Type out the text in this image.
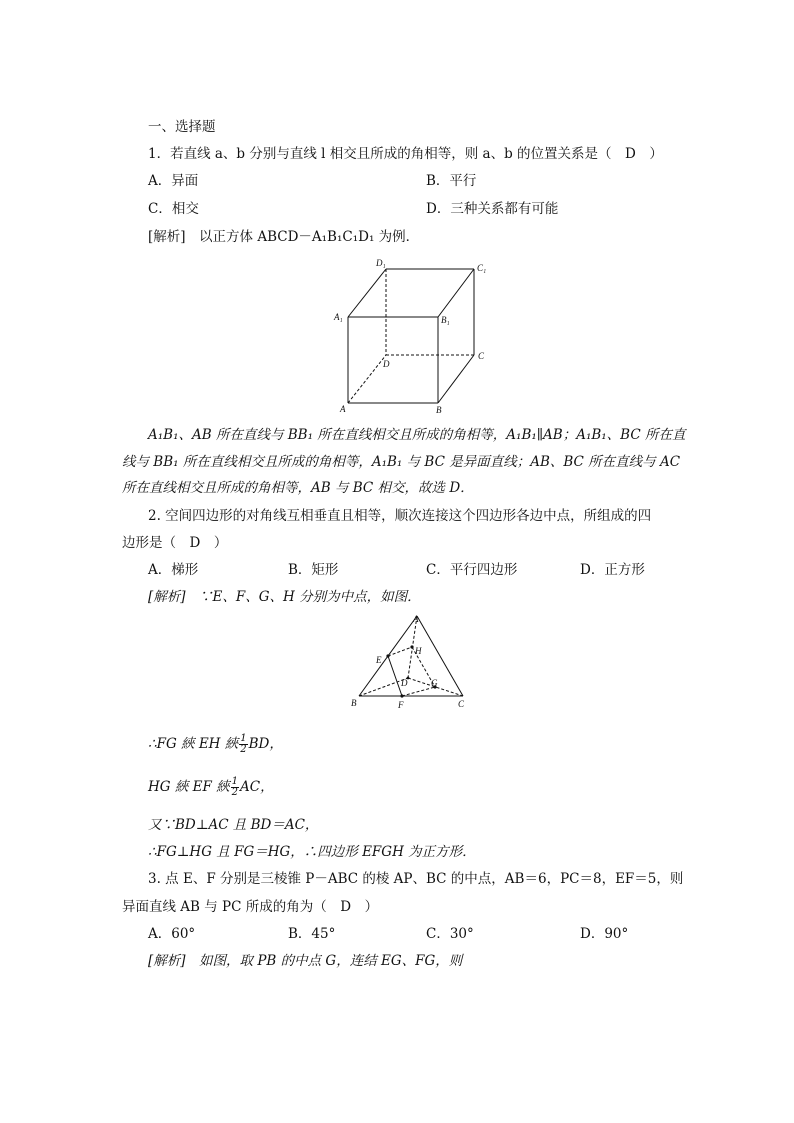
一、选择题
1．若直线 a、b 分别与直线 l 相交且所成的角相等，则 a、b 的位置关系是（　D　）
A．异面	B．平行
C．相交	D．三种关系都有可能
[解析]　以正方体 ABCD－A₁B₁C₁D₁ 为例．
D₁	C₁
A₁	B₁
D
C
A	B
A₁B₁、AB 所在直线与 BB₁ 所在直线相交且所成的角相等，A₁B₁∥AB；A₁B₁、BC 所在直
线与 BB₁ 所在直线相交且所成的角相等，A₁B₁ 与 BC 是异面直线；AB、BC 所在直线与 AC
所在直线相交且所成的角相等，AB 与 BC 相交，故选 D．
2. 空间四边形的对角线互相垂直且相等，顺次连接这个四边形各边中点，所组成的四
边形是（　D　）
A．梯形	B．矩形	C．平行四边形	D．正方形
[解析]　∵E、F、G、H 分别为中点，如图．
A
E
H
D	G
B	F	C
∴FG 綊 EH 綊 $\frac{1}{2}$ BD，
HG 綊 EF 綊 $\frac{1}{2}$ AC，
又∵BD⊥AC 且 BD＝AC，
∴FG⊥HG 且 FG＝HG，∴四边形 EFGH 为正方形．
3. 点 E、F 分别是三棱锥 P－ABC 的棱 AP、BC 的中点，AB＝6，PC＝8，EF＝5，则
异面直线 AB 与 PC 所成的角为（　D　）
A．60°	B．45°	C．30°	D．90°
[解析]　如图，取 PB 的中点 G，连结 EG、FG，则
